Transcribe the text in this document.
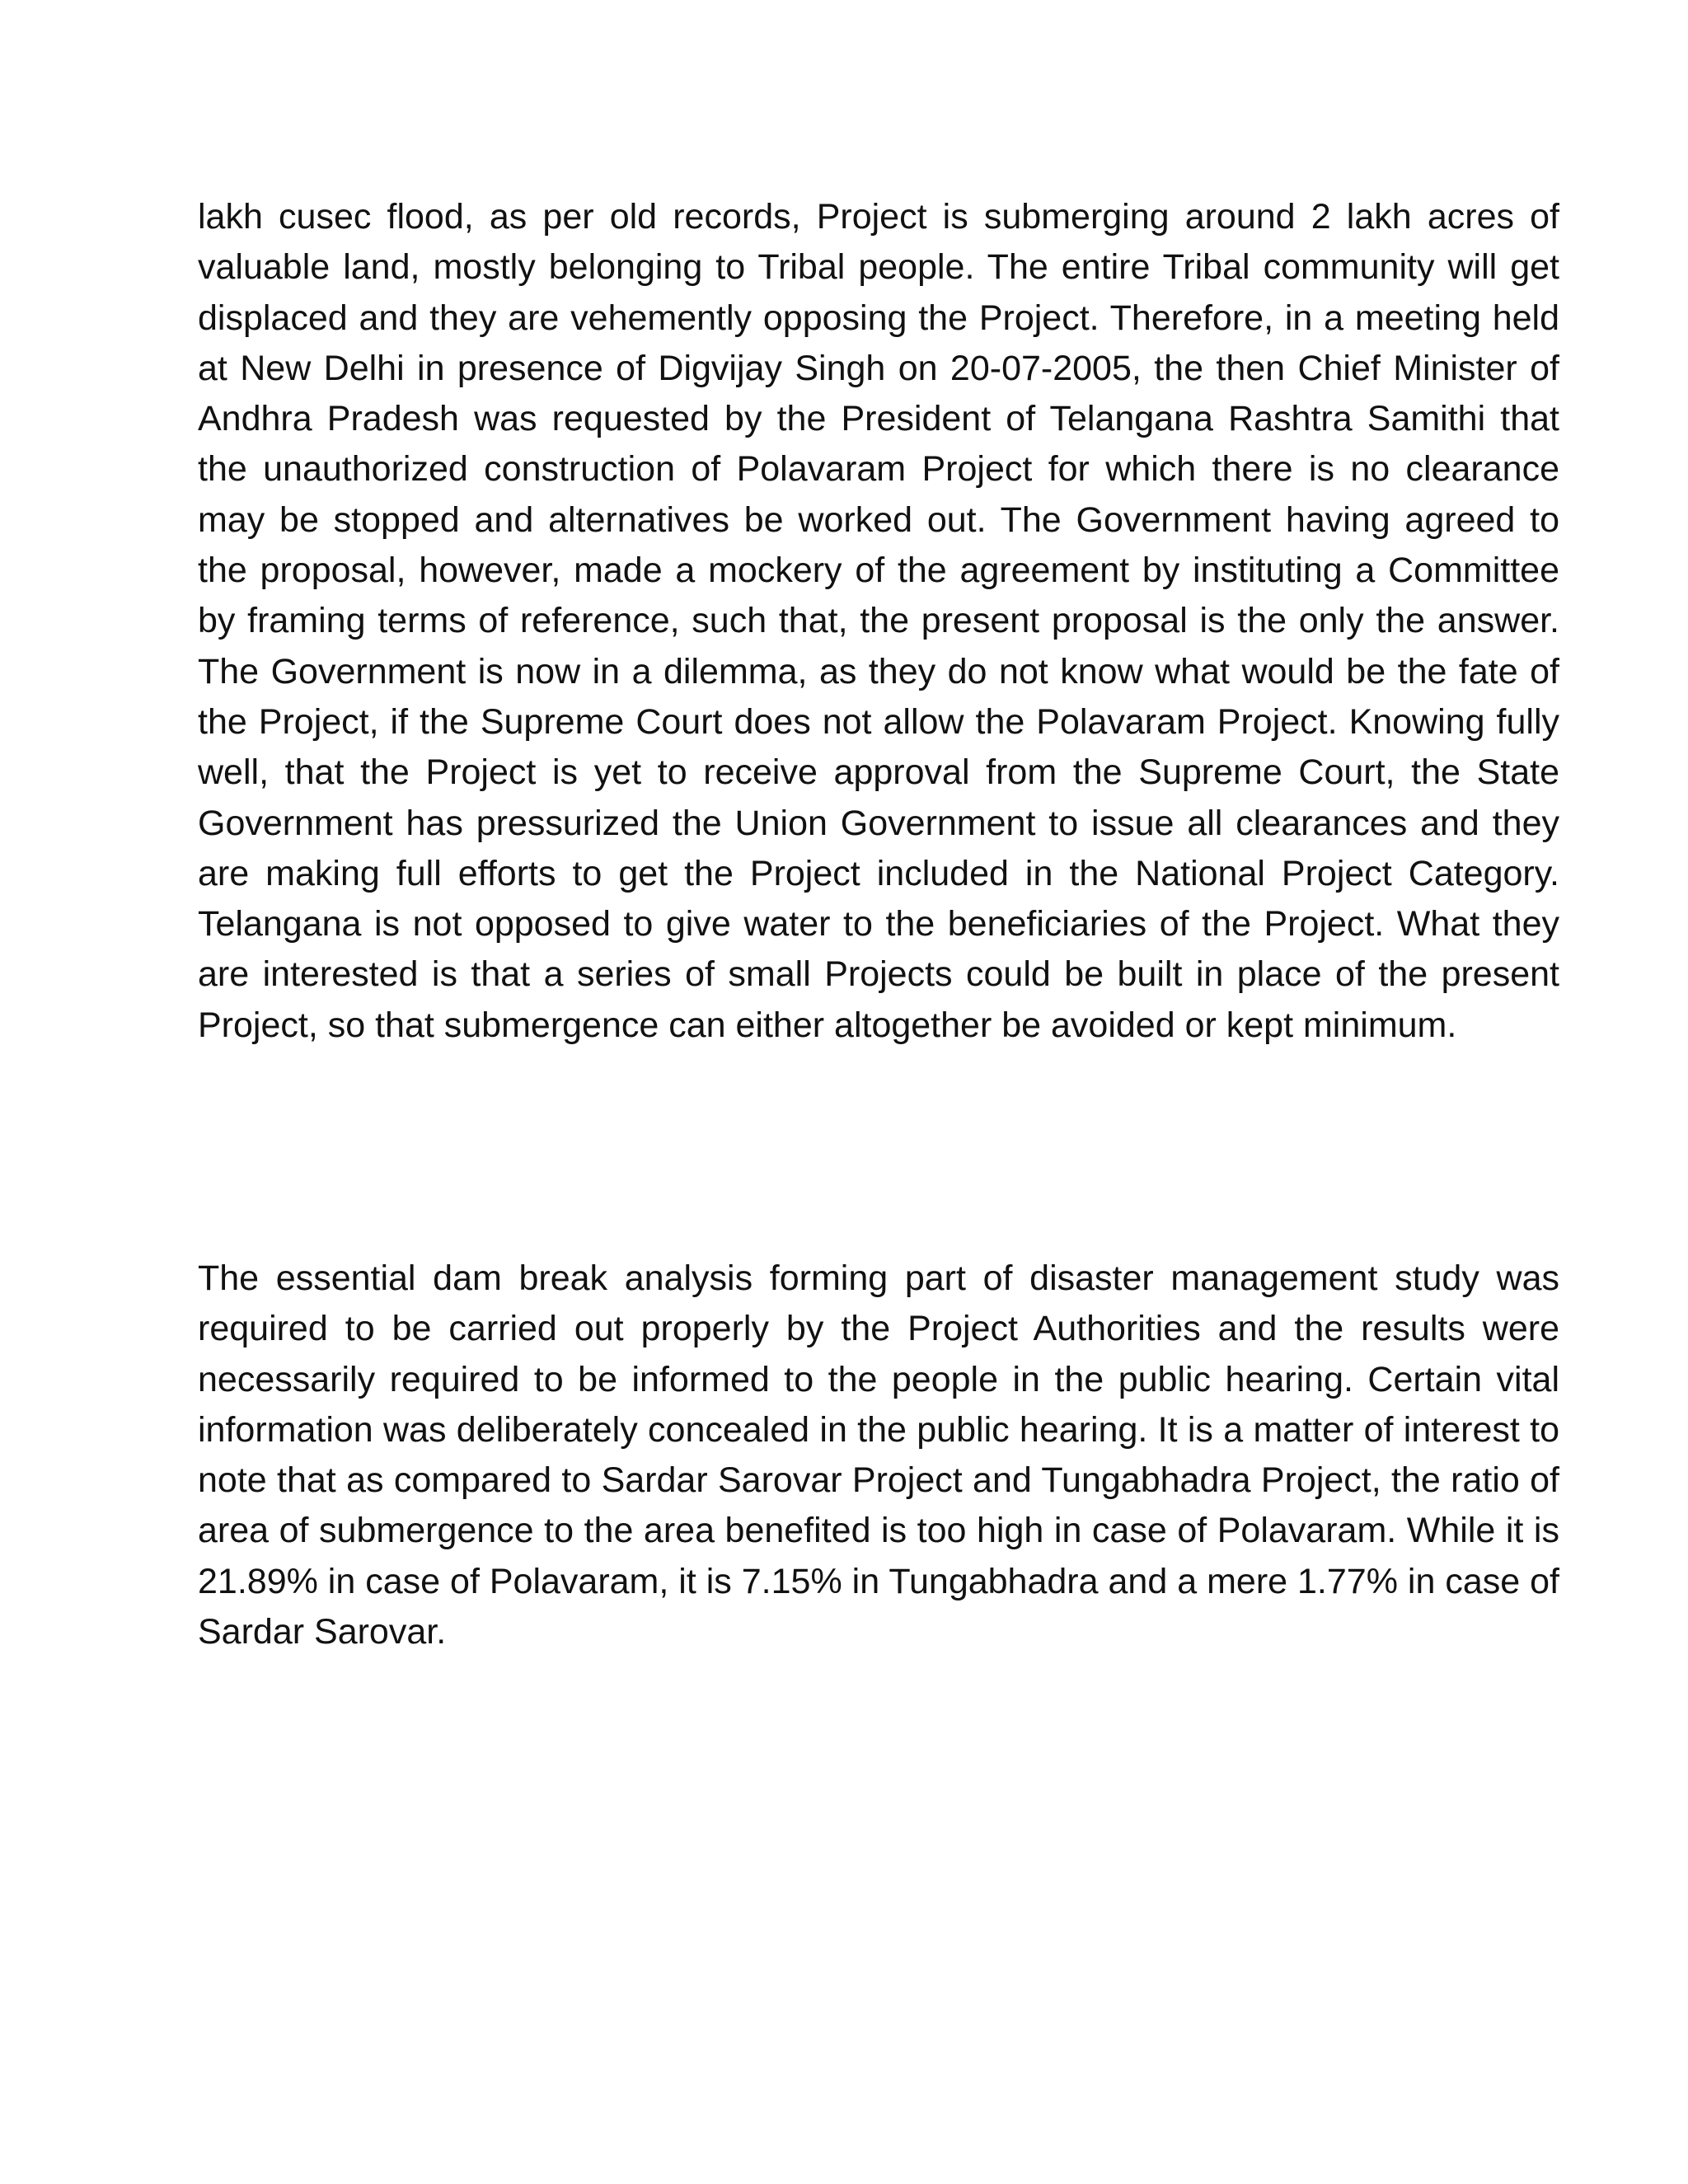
lakh cusec flood, as per old records, Project is submerging around 2 lakh acres of valuable land, mostly belonging to Tribal people. The entire Tribal community will get displaced and they are vehemently opposing the Project. Therefore, in a meeting held at New Delhi in presence of Digvijay Singh on 20-07-2005, the then Chief Minister of Andhra Pradesh was requested by the President of Telangana Rashtra Samithi that the unauthorized construction of Polavaram Project for which there is no clearance may be stopped and alternatives be worked out. The Government having agreed to the proposal, however, made a mockery of the agreement by instituting a Committee by framing terms of reference, such that, the present proposal is the only the answer. The Government is now in a dilemma, as they do not know what would be the fate of the Project, if the Supreme Court does not allow the Polavaram Project. Knowing fully well, that the Project is yet to receive approval from the Supreme Court, the State Government has pressurized the Union Government to issue all clearances and they are making full efforts to get the Project included in the National Project Category. Telangana is not opposed to give water to the beneficiaries of the Project. What they are interested is that a series of small Projects could be built in place of the present Project, so that submergence can either altogether be avoided or kept minimum.

The essential dam break analysis forming part of disaster management study was required to be carried out properly by the Project Authorities and the results were necessarily required to be informed to the people in the public hearing. Certain vital information was deliberately concealed in the public hearing. It is a matter of interest to note that as compared to Sardar Sarovar Project and Tungabhadra Project, the ratio of area of submergence to the area benefited is too high in case of Polavaram. While it is 21.89% in case of Polavaram, it is 7.15% in Tungabhadra and a mere 1.77% in case of Sardar Sarovar.
